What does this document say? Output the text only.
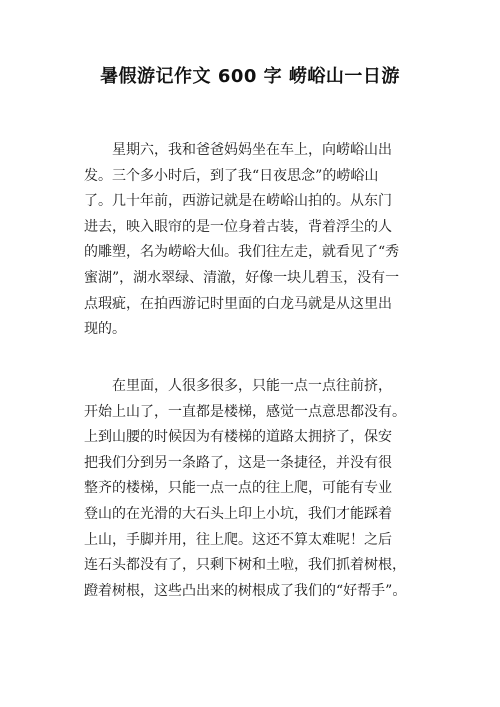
暑假游记作文 600 字 崂峪山一日游
星期六，我和爸爸妈妈坐在车上，向崂峪山出
发。三个多小时后，到了我“日夜思念”的崂峪山
了。几十年前，西游记就是在崂峪山拍的。从东门
进去，映入眼帘的是一位身着古装，背着浮尘的人
的雕塑，名为崂峪大仙。我们往左走，就看见了“秀
蜜湖”，湖水翠绿、清澈，好像一块儿碧玉，没有一
点瑕疵，在拍西游记时里面的白龙马就是从这里出
现的。
在里面，人很多很多，只能一点一点往前挤，
开始上山了，一直都是楼梯，感觉一点意思都没有。
上到山腰的时候因为有楼梯的道路太拥挤了，保安
把我们分到另一条路了，这是一条捷径，并没有很
整齐的楼梯，只能一点一点的往上爬，可能有专业
登山的在光滑的大石头上印上小坑，我们才能踩着
上山，手脚并用，往上爬。这还不算太难呢！之后
连石头都没有了，只剩下树和土啦，我们抓着树根，
蹬着树根，这些凸出来的树根成了我们的“好帮手”。
